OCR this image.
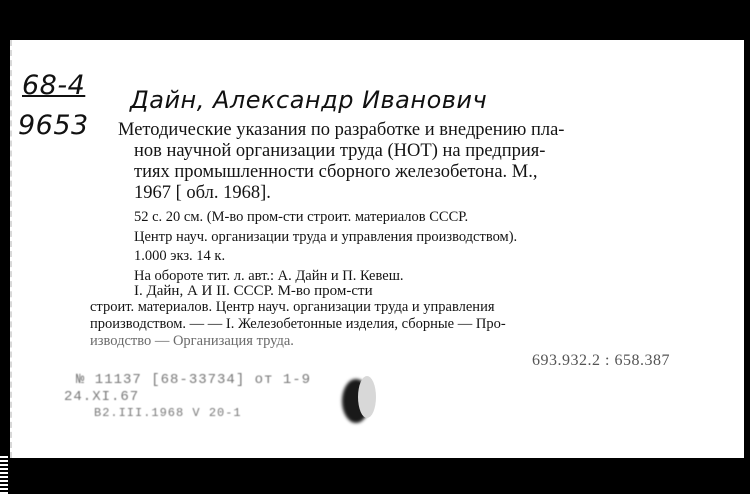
68-4
9653
Дайн, Александр Иванович
Методические указания по разработке и внедрению пла-
нов научной организации труда (НОТ) на предприя-
тиях промышленности сборного железобетона. М.,
1967 [ обл. 1968].
52 с. 20 см. (М-во пром-сти строит. материалов СССР.
Центр науч. организации труда и управления производством).
1.000 экз. 14 к.
На обороте тит. л. авт.: А. Дайн и П. Кевеш.
I. Дайн, А И II. СССР. М-во пром-сти
строит. материалов. Центр науч. организации труда и управления
производством. — — I. Железобетонные изделия, сборные — Про-
изводство — Организация труда.
693.932.2 : 658.387
№ 11137 [68-33734] от 1-9
24.XI.67
В2.III.1968 V 20-1
